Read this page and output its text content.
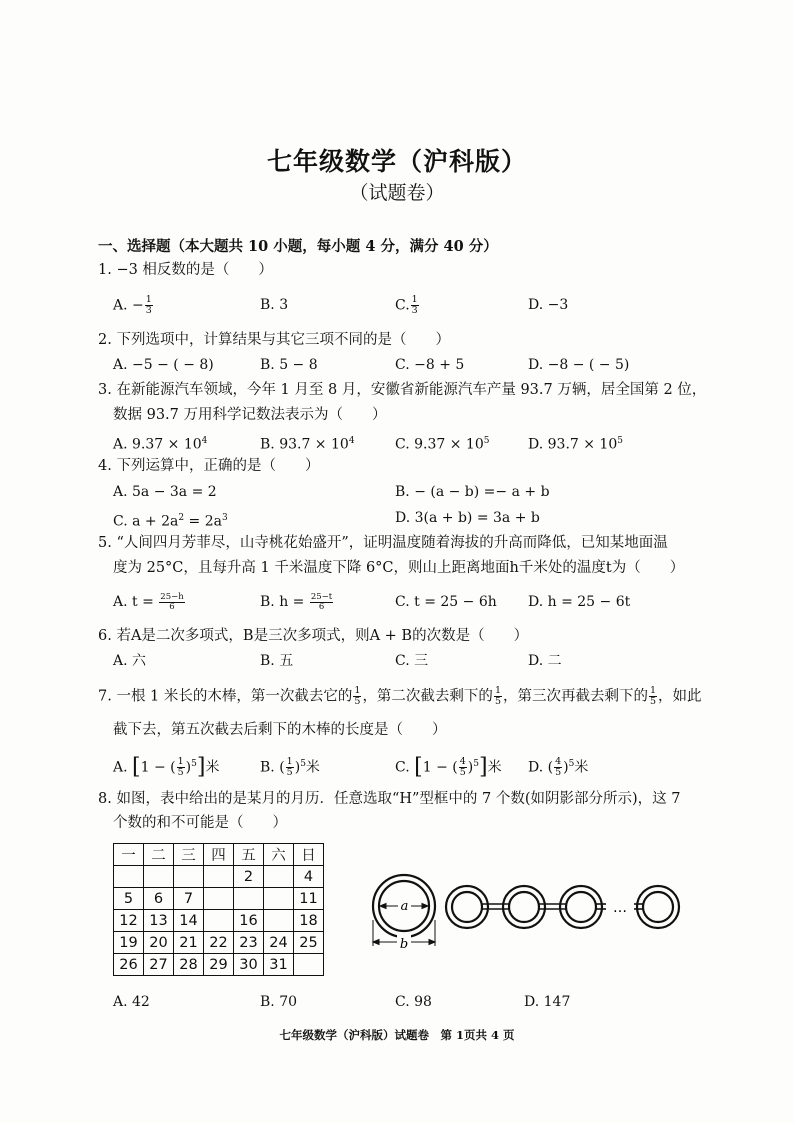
七年级数学（沪科版）
（试题卷）
一、选择题（本大题共 10 小题，每小题 4 分，满分 40 分）
1. −3 相反数的是（　　）
A. − $\frac{1}{3}$	B. 3	C. $\frac{1}{3}$	D. −3
2. 下列选项中，计算结果与其它三项不同的是（　　）
A. −5 − ( − 8)	B. 5 − 8	C. −8 + 5	D. −8 − ( − 5)
3. 在新能源汽车领域，今年 1 月至 8 月，安徽省新能源汽车产量 93.7 万辆，居全国第 2 位，
数据 93.7 万用科学记数法表示为（　　）
A. $9.37 \times 10^4$	B. $93.7 \times 10^4$	C. $9.37 \times 10^5$	D. $93.7 \times 10^5$
4. 下列运算中，正确的是（　　）
A. 5a − 3a = 2	B. − (a − b) =− a + b
C. $a + 2a^2 = 2a^3$	D. 3(a + b) = 3a + b
5. “人间四月芳菲尽，山寺桃花始盛开”，证明温度随着海拔的升高而降低，已知某地面温
度为 25°C，且每升高 1 千米温度下降 6°C，则山上距离地面h千米处的温度t为（　　）
A. $t = \frac{25-h}{6}$	B. $h = \frac{25-t}{6}$	C. t = 25 − 6h D. h = 25 − 6t
6. 若A是二次多项式，B是三次多项式，则A + B的次数是（　　）
A. 六	B. 五	C. 三	D. 二
7. 一根 1 米长的木棒，第一次截去它的 $\frac{1}{5}$ ，第二次截去剩下的 $\frac{1}{5}$ ，第三次再截去剩下的 $\frac{1}{5}$ ，如此
截下去，第五次截去后剩下的木棒的长度是（　　）
A. [1 − ( $\frac{1}{5} )^5$]米	B. ( $\frac{1}{5} )^5$米	C. [1 − ( $\frac{4}{5} )^5$]米 D. ( $\frac{4}{5} )^5$米
8. 如图，表中给出的是某月的月历．任意选取“H”型框中的 7 个数(如阴影部分所示)，这 7
个数的和不可能是（　　）
一	二	三	四	五	六	日
				2		4
5	6	7				11
12	13	14		16		18
19	20	21	22	23	24	25
26	27	28	29	30	31	
a
b
…
A. 42	B. 70	C. 98	D. 147
七年级数学（沪科版）试题卷　第 1页共 4 页
